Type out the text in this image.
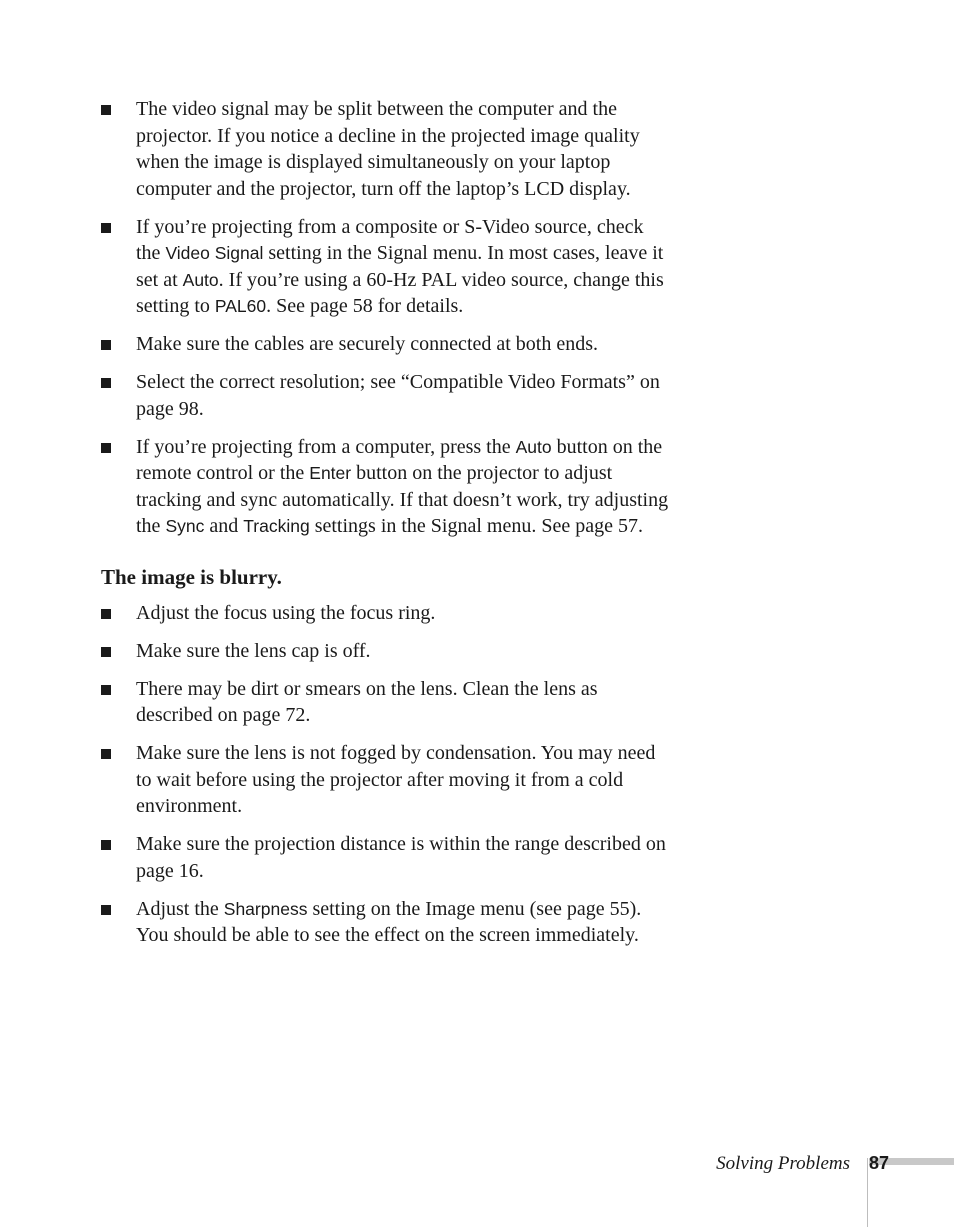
The video signal may be split between the computer and the projector. If you notice a decline in the projected image quality when the image is displayed simultaneously on your laptop computer and the projector, turn off the laptop’s LCD display.
If you’re projecting from a composite or S-Video source, check the Video Signal setting in the Signal menu. In most cases, leave it set at Auto. If you’re using a 60-Hz PAL video source, change this setting to PAL60. See page 58 for details.
Make sure the cables are securely connected at both ends.
Select the correct resolution; see “Compatible Video Formats” on page 98.
If you’re projecting from a computer, press the Auto button on the remote control or the Enter button on the projector to adjust tracking and sync automatically. If that doesn’t work, try adjusting the Sync and Tracking settings in the Signal menu. See page 57.
The image is blurry.
Adjust the focus using the focus ring.
Make sure the lens cap is off.
There may be dirt or smears on the lens. Clean the lens as described on page 72.
Make sure the lens is not fogged by condensation. You may need to wait before using the projector after moving it from a cold environment.
Make sure the projection distance is within the range described on page 16.
Adjust the Sharpness setting on the Image menu (see page 55). You should be able to see the effect on the screen immediately.
Solving Problems 87
